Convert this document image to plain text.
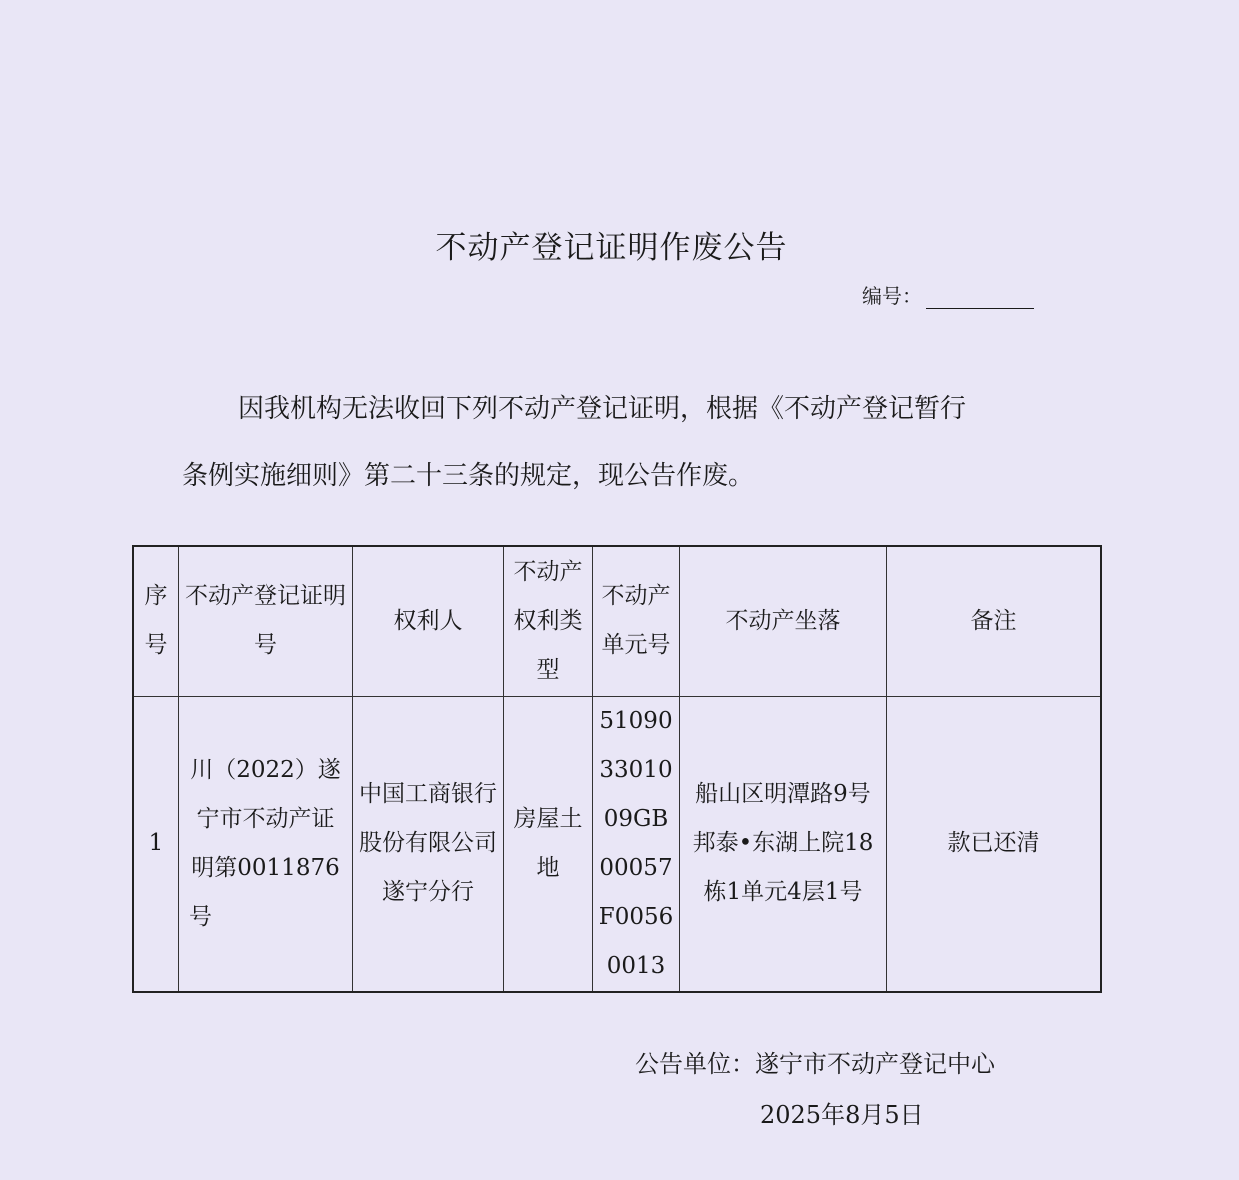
不动产登记证明作废公告
编号：
因我机构无法收回下列不动产登记证明，根据《不动产登记暂行
条例实施细则》第二十三条的规定，现公告作废。
序号	不动产登记证明号	权利人	不动产权利类型	不动产单元号	不动产坐落	备注
1	川（2022）遂宁市不动产证明第0011876号	中国工商银行股份有限公司遂宁分行	房屋土地	510903301009GB00057F00560013	船山区明潭路9号邦泰•东湖上院18栋1单元4层1号	款已还清
公告单位：遂宁市不动产登记中心
2025年8月5日
